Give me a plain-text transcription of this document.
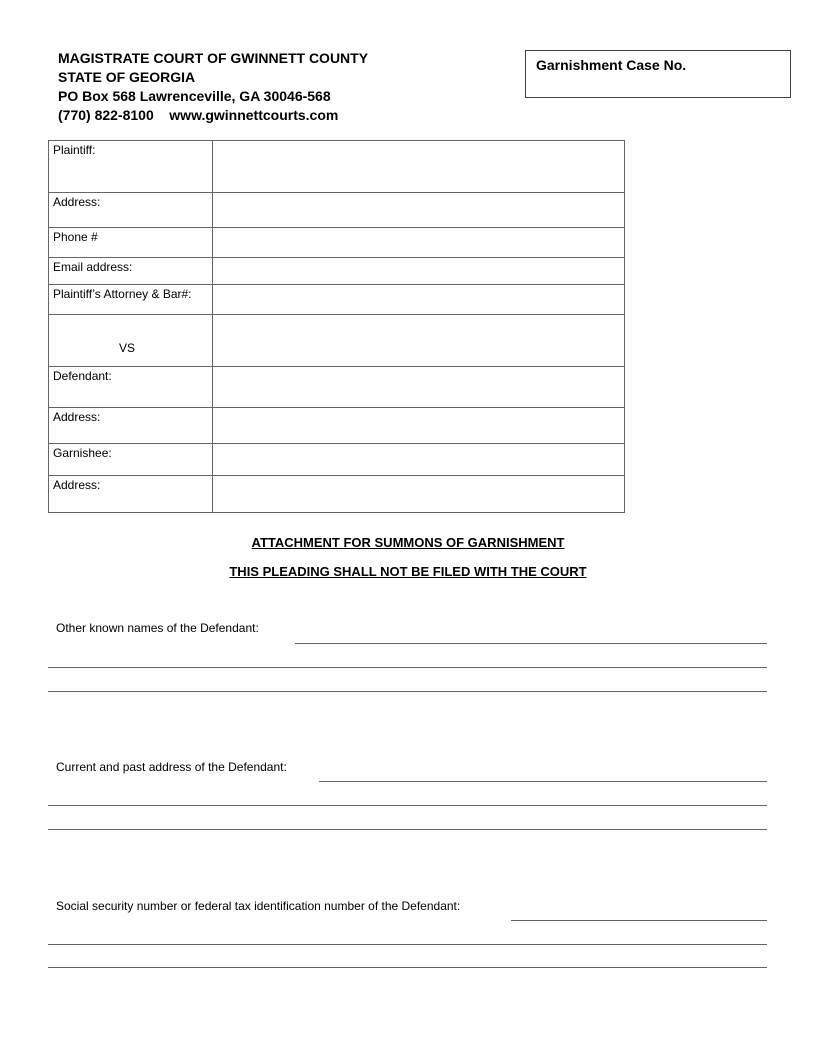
MAGISTRATE COURT OF GWINNETT COUNTY
STATE OF GEORGIA
PO Box 568 Lawrenceville, GA 30046-568
(770) 822-8100    www.gwinnettcourts.com
Garnishment Case No.
Plaintiff:	
Address:	
Phone #	
Email address:	
Plaintiff’s Attorney & Bar#:	
VS	
Defendant:	
Address:	
Garnishee:	
Address:	
ATTACHMENT FOR SUMMONS OF GARNISHMENT
THIS PLEADING SHALL NOT BE FILED WITH THE COURT
Other known names of the Defendant:
Current and past address of the Defendant:
Social security number or federal tax identification number of the Defendant:
